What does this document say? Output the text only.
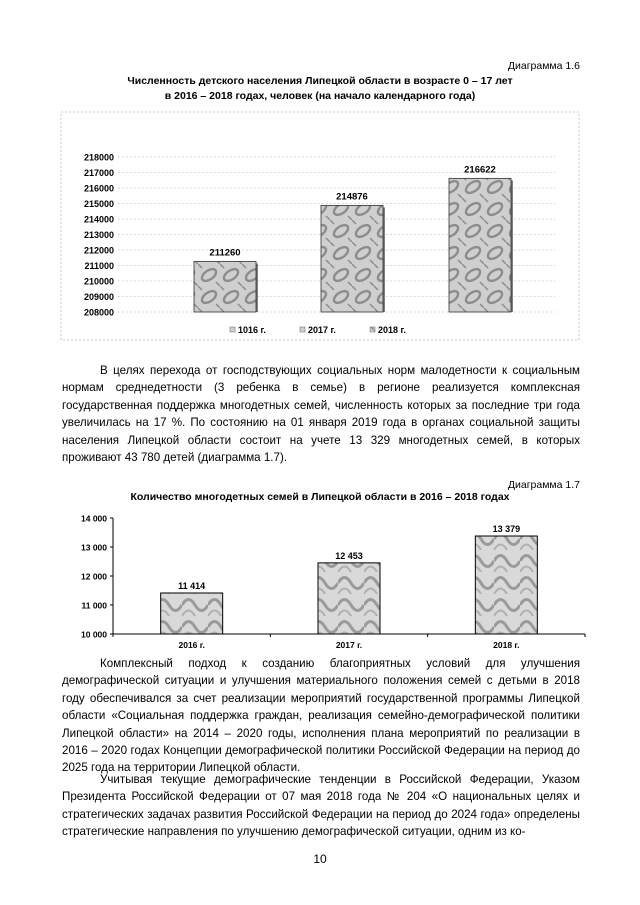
Диаграмма 1.6
Численность детского населения Липецкой области в возрасте 0 – 17 лет
в 2016 – 2018 годах, человек (на начало календарного года)
208000
209000
210000
211000
212000
213000
214000
215000
216000
217000
218000
211260
214876
216622
1016 г.	2017 г.	2018 г.

В целях перехода от господствующих социальных норм малодетности к социальным нормам среднедетности (3 ребенка в семье) в регионе реализуется комплексная государственная поддержка многодетных семей, численность которых за последние три года увеличилась на 17 %. По состоянию на 01 января 2019 года в органах социальной защиты населения Липецкой области состоит на учете 13 329 многодетных семей, в которых проживают 43 780 детей (диаграмма 1.7).

Диаграмма 1.7
Количество многодетных семей в Липецкой области в 2016 – 2018 годах
10 000
11 000
12 000
13 000
14 000
2016 г.	2017 г.	2018 г.
11 414
12 453
13 379

Комплексный подход к созданию благоприятных условий для улучшения демографической ситуации и улучшения материального положения семей с детьми в 2018 году обеспечивался за счет реализации мероприятий государственной программы Липецкой области «Социальная поддержка граждан, реализация семейно-демографической политики Липецкой области» на 2014 – 2020 годы, исполнения плана мероприятий по реализации в 2016 – 2020 годах Концепции демографической политики Российской Федерации на период до 2025 года на территории Липецкой области.

Учитывая текущие демографические тенденции в Российской Федерации, Указом Президента Российской Федерации от 07 мая 2018 года № 204 «О национальных целях и стратегических задачах развития Российской Федерации на период до 2024 года» определены стратегические направления по улучшению демографической ситуации, одним из ко-

10
